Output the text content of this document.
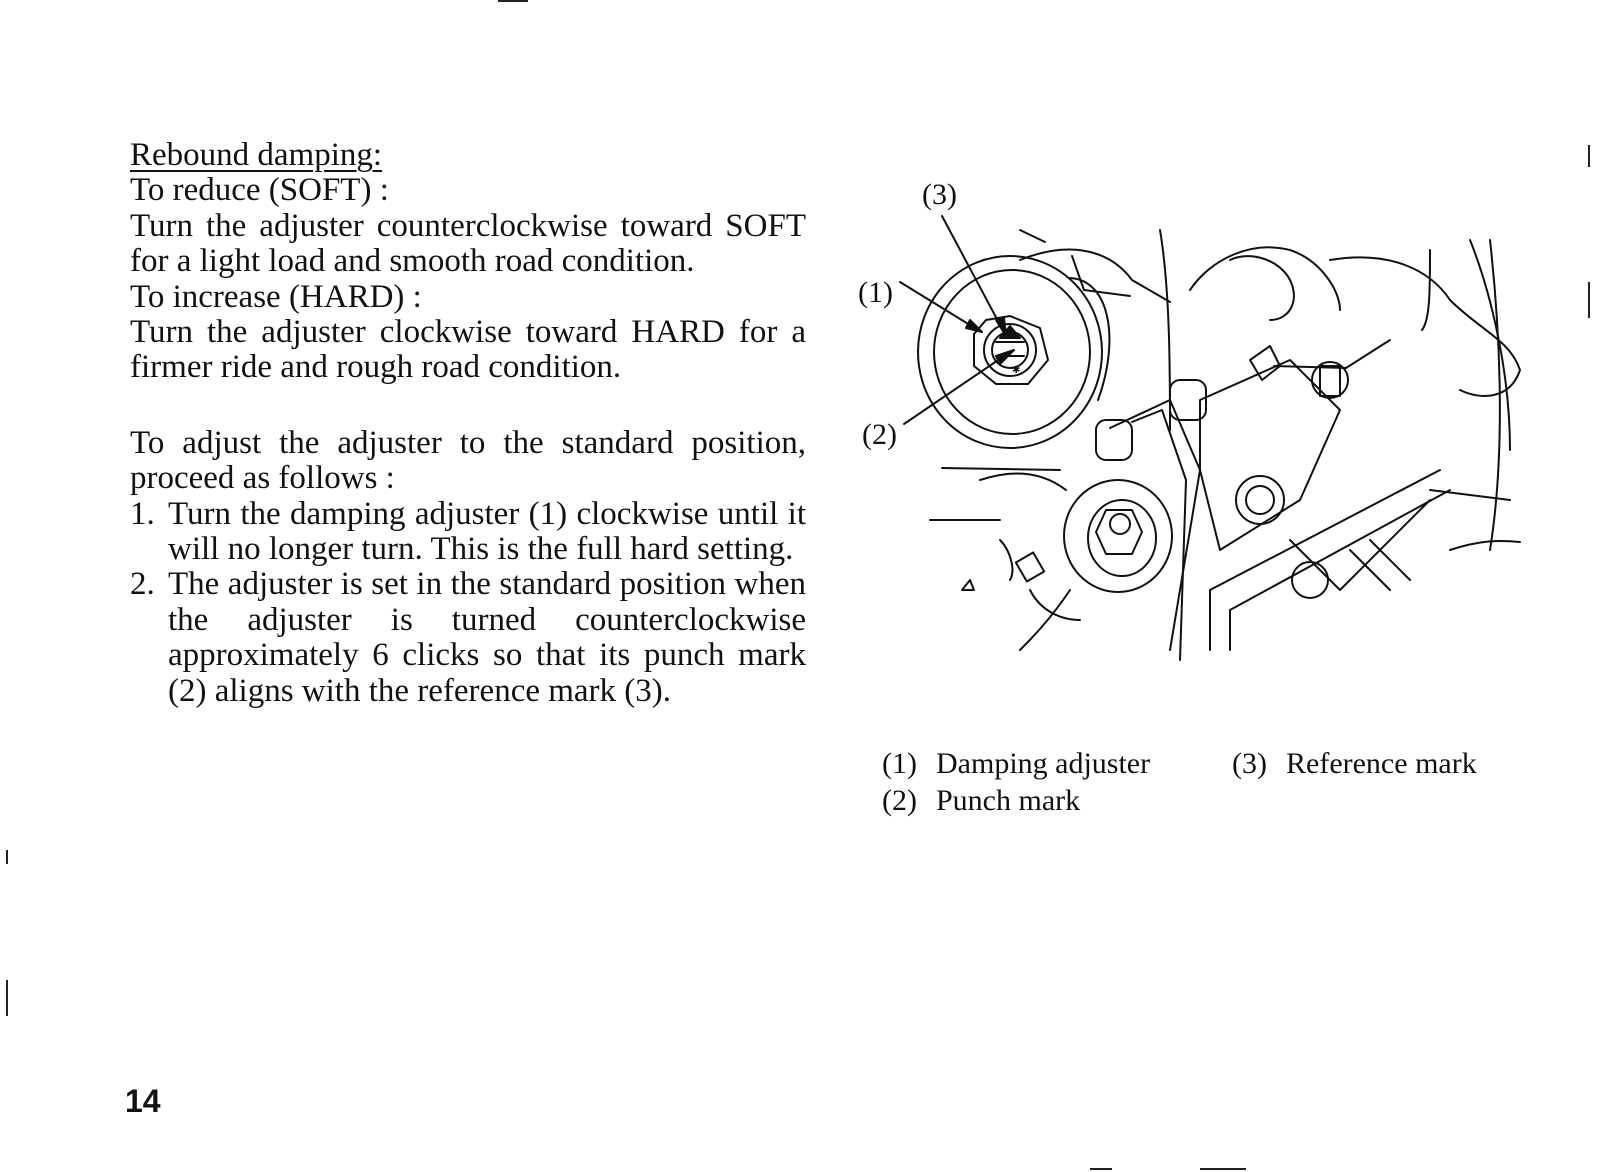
Rebound damping:
To reduce (SOFT) :
Turn the adjuster counterclockwise toward SOFT for a light load and smooth road condition.
To increase (HARD) :
Turn the adjuster clockwise toward HARD for a firmer ride and rough road condition.
To adjust the adjuster to the standard position, proceed as follows :
1. Turn the damping adjuster (1) clockwise until it will no longer turn. This is the full hard setting.
2. The adjuster is set in the standard position when the adjuster is turned counterclockwise approximately 6 clicks so that its punch mark (2) aligns with the reference mark (3).
(3)
(1)
(2)
✱
(1) Damping adjuster
(2) Punch mark
(3) Reference mark
14
